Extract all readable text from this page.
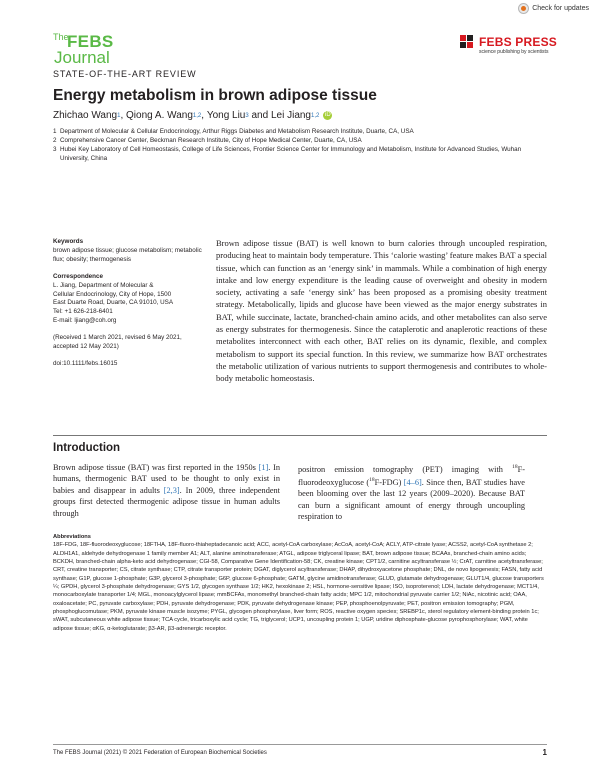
Check for updates
The
FEBS
Journal
FEBS PRESS
science publishing by scientists
STATE-OF-THE-ART REVIEW
Energy metabolism in brown adipose tissue
Zhichao Wang 1 , Qiong A. Wang 1,2 , Yong Liu 3 and Lei Jiang 1,2 iD
1 Department of Molecular & Cellular Endocrinology, Arthur Riggs Diabetes and Metabolism Research Institute, Duarte, CA, USA
2 Comprehensive Cancer Center, Beckman Research Institute, City of Hope Medical Center, Duarte, CA, USA
3 Hubei Key Laboratory of Cell Homeostasis, College of Life Sciences, Frontier Science Center for Immunology and Metabolism, Institute for Advanced Studies, Wuhan University, China
Keywords
brown adipose tissue; glucose metabolism; metabolic flux; obesity; thermogenesis
Correspondence
L. Jiang, Department of Molecular &
Cellular Endocrinology, City of Hope, 1500
East Duarte Road, Duarte, CA 91010, USA
Tel: +1 626-218-6401
E-mail: ljiang@coh.org
(Received 1 March 2021, revised 6 May 2021, accepted 12 May 2021)
doi:10.1111/febs.16015
Brown adipose tissue (BAT) is well known to burn calories through uncoupled respiration, producing heat to maintain body temperature. This ‘calorie wasting’ feature makes BAT a special tissue, which can function as an ‘energy sink’ in mammals. While a combination of high energy intake and low energy expenditure is the leading cause of overweight and obesity in modern society, activating a safe ‘energy sink’ has been proposed as a promising obesity treatment strategy. Metabolically, lipids and glucose have been viewed as the major energy substrates in BAT, while succinate, lactate, branched-chain amino acids, and other metabolites can also serve as energy substrates for thermogenesis. Since the cataplerotic and anaplerotic reactions of these metabolites interconnect with each other, BAT relies on its dynamic, flexible, and complex metabolism to support its special function. In this review, we summarize how BAT orchestrates the metabolic utilization of various nutrients to support thermogenesis and contributes to whole-body metabolic homeostasis.
Introduction
Brown adipose tissue (BAT) was first reported in the 1950s [1]. In humans, thermogenic BAT used to be thought to only exist in babies and disappear in adults [2,3]. In 2009, three independent groups first detected thermogenic adipose tissue in human adults through
positron emission tomography (PET) imaging with $^{18}$F-fluorodeoxyglucose ($^{18}$F-FDG) [4–6]. Since then, BAT studies have been blooming over the last 12 years (2009–2020). Because BAT can burn a significant amount of energy through uncoupling respiration to
Abbreviations
18F-FDG, 18F-fluorodeoxyglucose; 18FTHA, 18F-fluoro-thiaheptadecanoic acid; ACC, acetyl-CoA carboxylase; AcCoA, acetyl-CoA; ACLY, ATP-citrate lyase; ACSS2, acetyl-CoA synthetase 2; ALDH1A1, aldehyde dehydrogenase 1 family member A1; ALT, alanine aminotransferase; ATGL, adipose triglyceral lipase; BAT, brown adipose tissue; BCAAs, branched-chain amino acids; BCKDH, branched-chain alpha-keto acid dehydrogenase; CGI-58, Comparative Gene Identification-58; CK, creatine kinase; CPT1/2, carnitine acyltransferase ½; CrAT, carnitine acetyltransferase; CRT, creatine transporter; CS, citrate synthase; CTP, citrate transporter protein; DGAT, diglycerol acyltransferase; DHAP, dihydroxyacetone phosphate; DNL, de novo lipogenesis; FASN, fatty acid synthase; G1P, glucose 1-phosphate; G3P, glycerol 3-phosphate; G6P, glucose 6-phosphate; GATM, glycine amidinotransferase; GLUD, glutamate dehydrogenase; GLUT1/4, glucose transporters ¼; GPDH, glycerol 3-phosphate dehydrogenase; GYS 1/2, glycogen synthase 1/2; HK2, hexokinase 2; HSL, hormone-sensitive lipase; ISO, isoproterenol; LDH, lactate dehydrogenase; MCT1/4, monocarboxylate transporter 1/4; MGL, monoacylglycerol lipase; mmBCFAs, monomethyl branched-chain fatty acids; MPC 1/2, mitochondrial pyruvate carrier 1/2; NiAc, nicotinic acid; OAA, oxaloacetate; PC, pyruvate carboxylase; PDH, pyruvate dehydrogenase; PDK, pyruvate dehydrogenase kinase; PEP, phosphoenolpyruvate; PET, positron emission tomography; PGM, phosphoglucomutase; PKM, pyruvate kinase muscle isozyme; PYGL, glycogen phosphorylase, liver form; ROS, reactive oxygen species; SREBP1c, sterol regulatory element-binding protein 1c; sWAT, subcutaneous white adipose tissue; TCA cycle, tricarboxylic acid cycle; TG, triglycerol; UCP1, uncoupling protein 1; UGP, uridine diphosphate-glucose pyrophosphorylase; WAT, white adipose tissue; αKG, α-ketoglutarate; β3-AR, β3-adrenergic receptor.
The FEBS Journal (2021) © 2021 Federation of European Biochemical Societies	1
